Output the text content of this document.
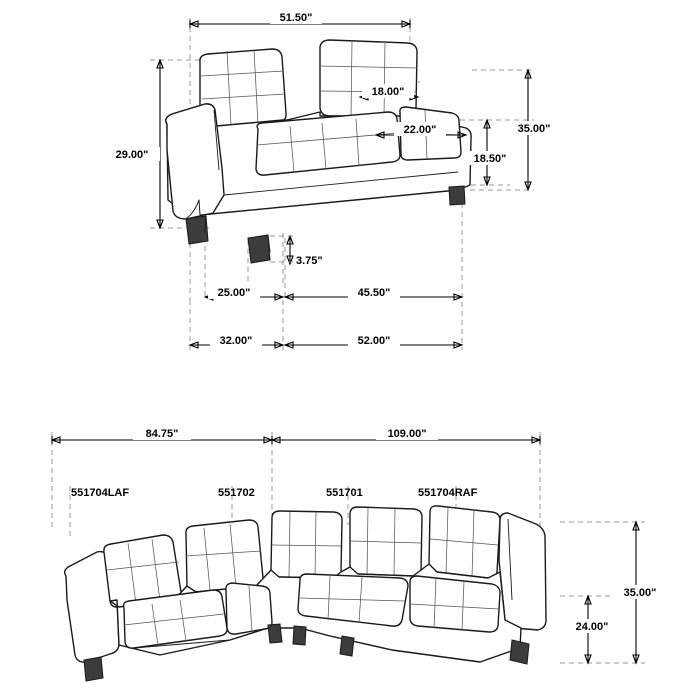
51.50"
18.00"
22.00"	35.00"
29.00"	18.50"
3.75"
25.00"	45.50"
32.00"	52.00"
84.75"	109.00"
35.00"
24.00"
551704LAF	551702	551701	551704RAF
